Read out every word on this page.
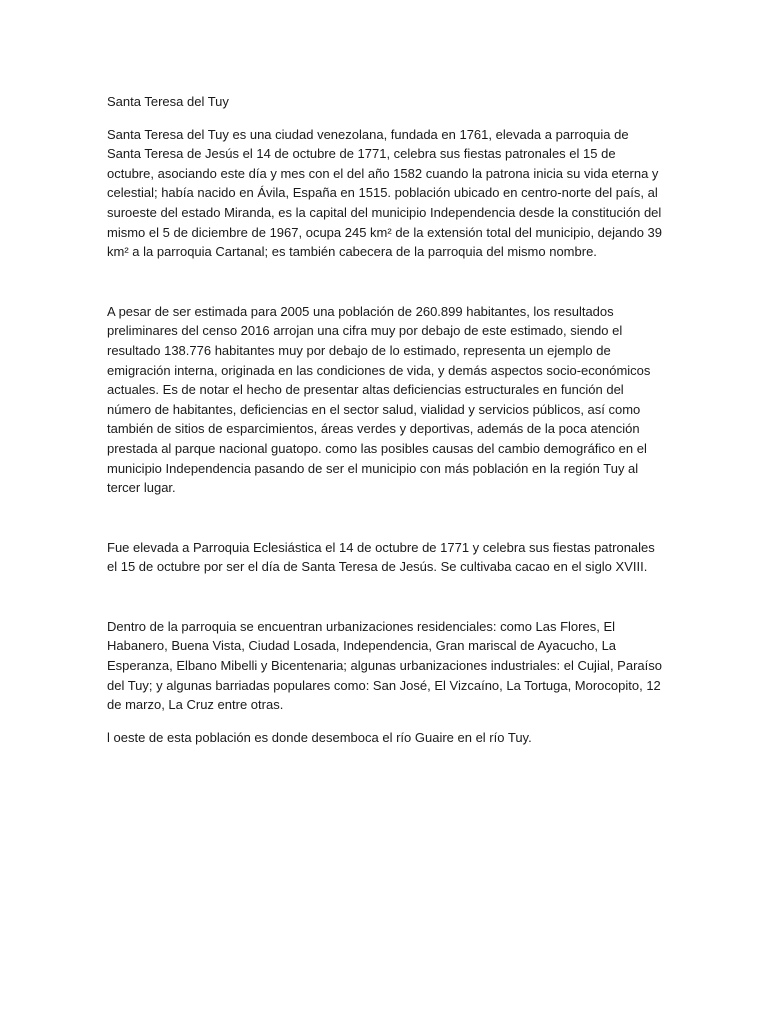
Santa Teresa del Tuy

Santa Teresa del Tuy es una ciudad venezolana, fundada en 1761, elevada a parroquia de Santa Teresa de Jesús el 14 de octubre de 1771, celebra sus fiestas patronales el 15 de octubre, asociando este día y mes con el del año 1582 cuando la patrona inicia su vida eterna y celestial; había nacido en Ávila, España en 1515. población ubicado en centro-norte del país, al suroeste del estado Miranda, es la capital del municipio Independencia desde la constitución del mismo el 5 de diciembre de 1967, ocupa 245 km² de la extensión total del municipio, dejando 39 km² a la parroquia Cartanal; es también cabecera de la parroquia del mismo nombre.

A pesar de ser estimada para 2005 una población de 260.899 habitantes, los resultados preliminares del censo 2016 arrojan una cifra muy por debajo de este estimado, siendo el resultado 138.776 habitantes muy por debajo de lo estimado, representa un ejemplo de emigración interna, originada en las condiciones de vida, y demás aspectos socio-económicos actuales. Es de notar el hecho de presentar altas deficiencias estructurales en función del número de habitantes, deficiencias en el sector salud, vialidad y servicios públicos, así como también de sitios de esparcimientos, áreas verdes y deportivas, además de la poca atención prestada al parque nacional guatopo. como las posibles causas del cambio demográfico en el municipio Independencia pasando de ser el municipio con más población en la región Tuy al tercer lugar.

Fue elevada a Parroquia Eclesiástica el 14 de octubre de 1771 y celebra sus fiestas patronales el 15 de octubre por ser el día de Santa Teresa de Jesús. Se cultivaba cacao en el siglo XVIII.

Dentro de la parroquia se encuentran urbanizaciones residenciales: como Las Flores, El Habanero, Buena Vista, Ciudad Losada, Independencia, Gran mariscal de Ayacucho, La Esperanza, Elbano Mibelli y Bicentenaria; algunas urbanizaciones industriales: el Cujial, Paraíso del Tuy; y algunas barriadas populares como: San José, El Vizcaíno, La Tortuga, Morocopito, 12 de marzo, La Cruz entre otras.

l oeste de esta población es donde desemboca el río Guaire en el río Tuy.
